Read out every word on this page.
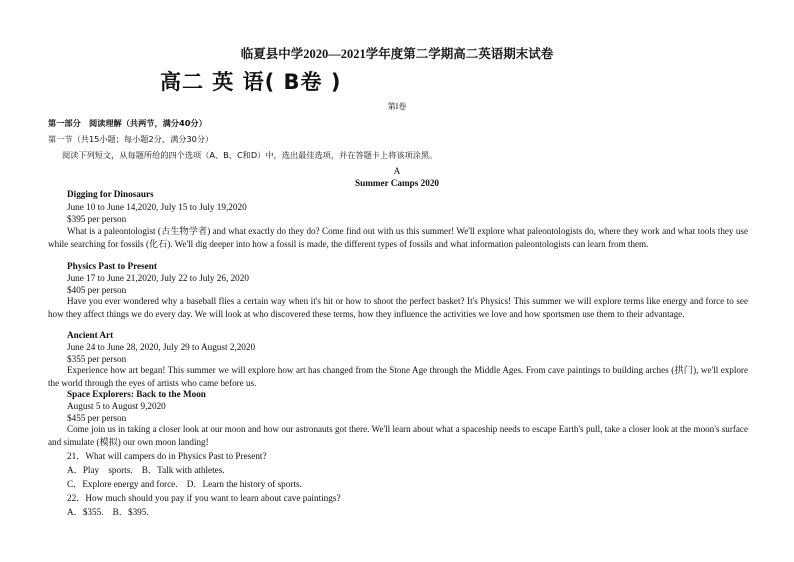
临夏县中学2020—2021学年度第二学期高二英语期末试卷
高二 英 语( B卷 )
第I卷
第一部分　阅读理解（共两节，满分40分）
第一节（共15小题；每小题2分，满分30分）
阅读下列短文，从每题所给的四个选项（A、B、C和D）中，选出最佳选项，并在答题卡上将该项涂黑。
A
Summer Camps 2020
Digging for Dinosaurs
June 10 to June 14,2020, July 15 to July 19,2020
$395 per person
What is a paleontologist (古生物学者) and what exactly do they do? Come find out with us this summer! We'll explore what paleontologists do, where they work and what tools they use while searching for fossils (化石). We'll dig deeper into how a fossil is made, the different types of fossils and what information paleontologists can learn from them.
Physics Past to Present
June 17 to June 21,2020, July 22 to July 26, 2020
$405 per person
Have you ever wondered why a baseball flies a certain way when it's hit or how to shoot the perfect basket? It's Physics! This summer we will explore terms like energy and force to see how they affect things we do every day. We will look at who discovered these terms, how they influence the activities we love and how sportsmen use them to their advantage.
Ancient Art
June 24 to June 28, 2020, July 29 to August 2,2020
$355 per person
Experience how art began! This summer we will explore how art has changed from the Stone Age through the Middle Ages. From cave paintings to building arches (拱门), we'll explore the world through the eyes of artists who came before us.
Space Explorers: Back to the Moon
August 5 to August 9,2020
$455 per person
Come join us in taking a closer look at our moon and how our astronauts got there. We'll learn about what a spaceship needs to escape Earth's pull, take a closer look at the moon's surface and simulate (模拟) our own moon landing!
21．What will campers do in Physics Past to Present?
A．Play　sports.　B．Talk with athletes.
C．Explore energy and force.　D．Learn the history of sports.
22．How much should you pay if you want to learn about cave paintings?
A．$355.　B．$395.
